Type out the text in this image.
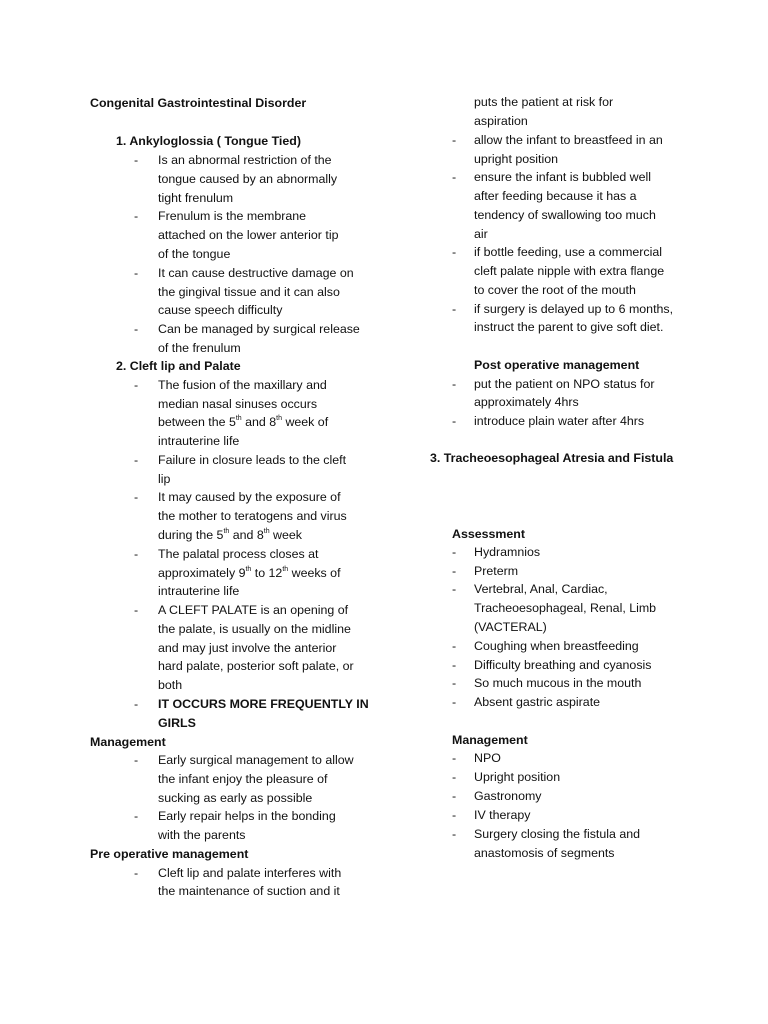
Congenital Gastrointestinal Disorder
1. Ankyloglossia ( Tongue Tied)
- Is an abnormal restriction of the
tongue caused by an abnormally
tight frenulum
- Frenulum is the membrane
attached on the lower anterior tip
of the tongue
- It can cause destructive damage on
the gingival tissue and it can also
cause speech difficulty
- Can be managed by surgical release
of the frenulum
2. Cleft lip and Palate
- The fusion of the maxillary and
median nasal sinuses occurs
between the 5th and 8th week of
intrauterine life
- Failure in closure leads to the cleft
lip
- It may caused by the exposure of
the mother to teratogens and virus
during the 5th and 8th week
- The palatal process closes at
approximately 9th to 12th weeks of
intrauterine life
- A CLEFT PALATE is an opening of
the palate, is usually on the midline
and may just involve the anterior
hard palate, posterior soft palate, or
both
- IT OCCURS MORE FREQUENTLY IN
GIRLS
Management
- Early surgical management to allow
the infant enjoy the pleasure of
sucking as early as possible
- Early repair helps in the bonding
with the parents
Pre operative management
- Cleft lip and palate interferes with
the maintenance of suction and it
puts the patient at risk for
aspiration
- allow the infant to breastfeed in an
upright position
- ensure the infant is bubbled well
after feeding because it has a
tendency of swallowing too much
air
- if bottle feeding, use a commercial
cleft palate nipple with extra flange
to cover the root of the mouth
- if surgery is delayed up to 6 months,
instruct the parent to give soft diet.
Post operative management
- put the patient on NPO status for
approximately 4hrs
- introduce plain water after 4hrs
3. Tracheoesophageal Atresia and Fistula
Assessment
- Hydramnios
- Preterm
- Vertebral, Anal, Cardiac,
Tracheoesophageal, Renal, Limb
(VACTERAL)
- Coughing when breastfeeding
- Difficulty breathing and cyanosis
- So much mucous in the mouth
- Absent gastric aspirate
Management
- NPO
- Upright position
- Gastronomy
- IV therapy
- Surgery closing the fistula and
anastomosis of segments
